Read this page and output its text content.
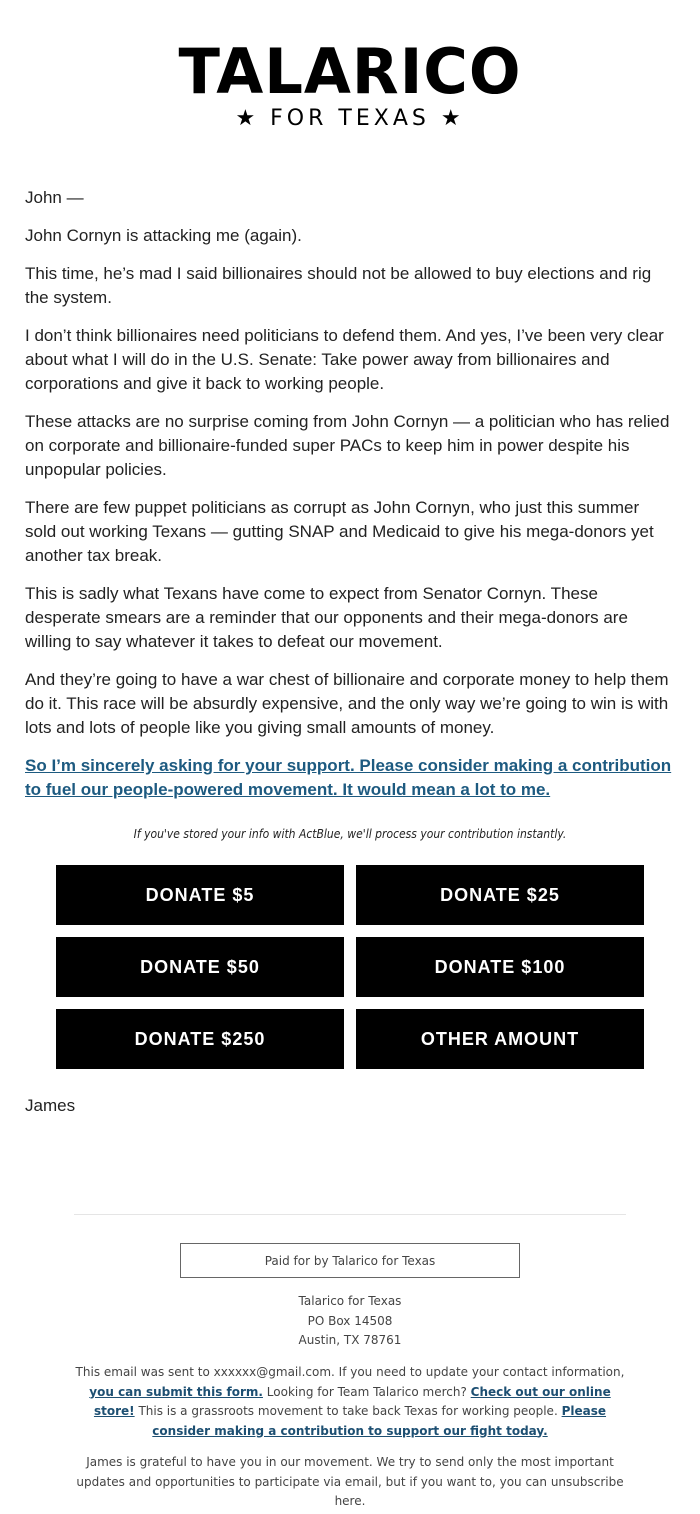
TALARICO
★ FOR TEXAS ★

John —

John Cornyn is attacking me (again).

This time, he’s mad I said billionaires should not be allowed to buy elections and rig the system.

I don’t think billionaires need politicians to defend them. And yes, I’ve been very clear about what I will do in the U.S. Senate: Take power away from billionaires and corporations and give it back to working people.

These attacks are no surprise coming from John Cornyn — a politician who has relied on corporate and billionaire-funded super PACs to keep him in power despite his unpopular policies.

There are few puppet politicians as corrupt as John Cornyn, who just this summer sold out working Texans — gutting SNAP and Medicaid to give his mega-donors yet another tax break.

This is sadly what Texans have come to expect from Senator Cornyn. These desperate smears are a reminder that our opponents and their mega-donors are willing to say whatever it takes to defeat our movement.

And they’re going to have a war chest of billionaire and corporate money to help them do it. This race will be absurdly expensive, and the only way we’re going to win is with lots and lots of people like you giving small amounts of money.

So I’m sincerely asking for your support. Please consider making a contribution to fuel our people-powered movement. It would mean a lot to me.

If you've stored your info with ActBlue, we'll process your contribution instantly.
DONATE $5	DONATE $25
DONATE $50	DONATE $100
DONATE $250	OTHER AMOUNT
James
Paid for by Talarico for Texas
Talarico for Texas
PO Box 14508
Austin, TX 78761
This email was sent to xxxxxx@gmail.com. If you need to update your contact information, you can submit this form. Looking for Team Talarico merch? Check out our online store! This is a grassroots movement to take back Texas for working people. Please consider making a contribution to support our fight today.
James is grateful to have you in our movement. We try to send only the most important updates and opportunities to participate via email, but if you want to, you can unsubscribe here.
